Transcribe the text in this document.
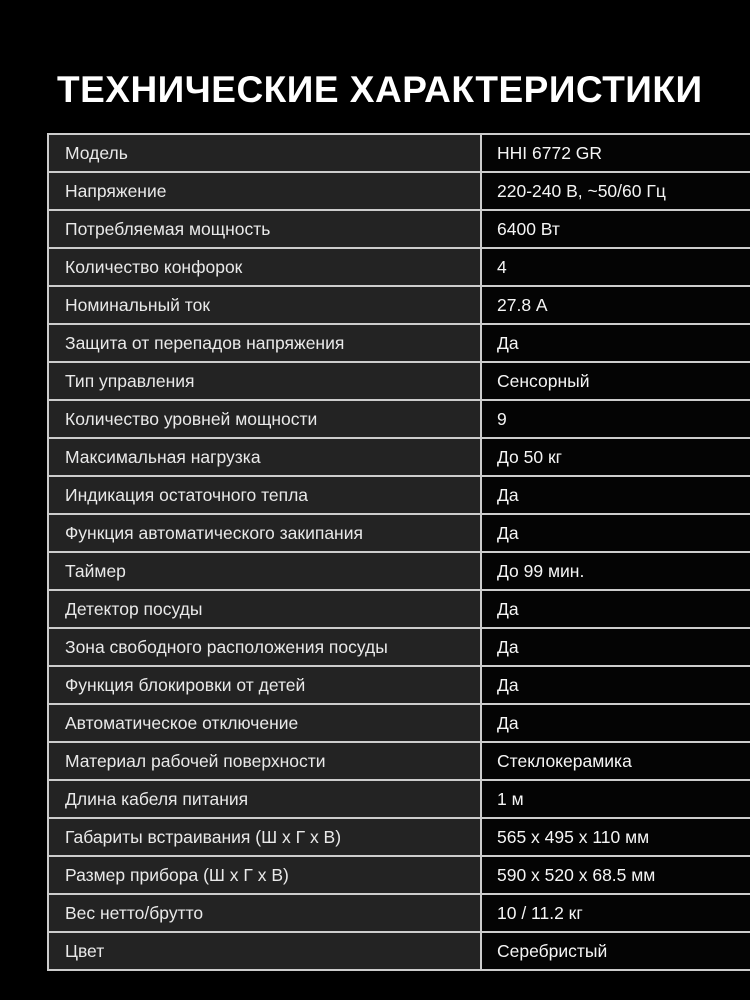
ТЕХНИЧЕСКИЕ ХАРАКТЕРИСТИКИ
Модель	HHI 6772 GR
Напряжение	220-240 В, ~50/60 Гц
Потребляемая мощность	6400 Вт
Количество конфорок	4
Номинальный ток	27.8 А
Защита от перепадов напряжения	Да
Тип управления	Сенсорный
Количество уровней мощности	9
Максимальная нагрузка	До 50 кг
Индикация остаточного тепла	Да
Функция автоматического закипания	Да
Таймер	До 99 мин.
Детектор посуды	Да
Зона свободного расположения посуды	Да
Функция блокировки от детей	Да
Автоматическое отключение	Да
Материал рабочей поверхности	Стеклокерамика
Длина кабеля питания	1 м
Габариты встраивания (Ш х Г х В)	565 x 495 x 110 мм
Размер прибора (Ш х Г х В)	590 x 520 x 68.5 мм
Вес нетто/брутто	10 / 11.2 кг
Цвет	Серебристый
